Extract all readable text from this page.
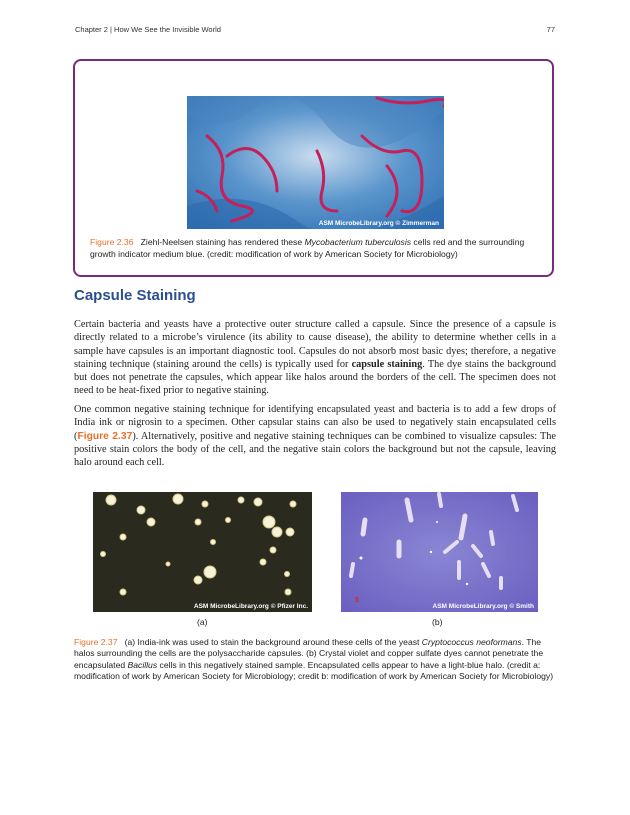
Chapter 2 | How We See the Invisible World	77
ASM MicrobeLibrary.org © Zimmerman
Figure 2.36 Ziehl-Neelsen staining has rendered these Mycobacterium tuberculosis cells red and the surrounding growth indicator medium blue. (credit: modification of work by American Society for Microbiology)
Capsule Staining

Certain bacteria and yeasts have a protective outer structure called a capsule. Since the presence of a capsule is directly related to a microbe’s virulence (its ability to cause disease), the ability to determine whether cells in a sample have capsules is an important diagnostic tool. Capsules do not absorb most basic dyes; therefore, a negative staining technique (staining around the cells) is typically used for capsule staining. The dye stains the background but does not penetrate the capsules, which appear like halos around the borders of the cell. The specimen does not need to be heat-fixed prior to negative staining.

One common negative staining technique for identifying encapsulated yeast and bacteria is to add a few drops of India ink or nigrosin to a specimen. Other capsular stains can also be used to negatively stain encapsulated cells (Figure 2.37). Alternatively, positive and negative staining techniques can be combined to visualize capsules: The positive stain colors the body of the cell, and the negative stain colors the background but not the capsule, leaving halo around each cell.

ASM MicrobeLibrary.org © Pfizer Inc.
5
ASM MicrobeLibrary.org © Smith
(a)	(b)
Figure 2.37 (a) India-ink was used to stain the background around these cells of the yeast Cryptococcus neoformans. The halos surrounding the cells are the polysaccharide capsules. (b) Crystal violet and copper sulfate dyes cannot penetrate the encapsulated Bacillus cells in this negatively stained sample. Encapsulated cells appear to have a light-blue halo. (credit a: modification of work by American Society for Microbiology; credit b: modification of work by American Society for Microbiology)
